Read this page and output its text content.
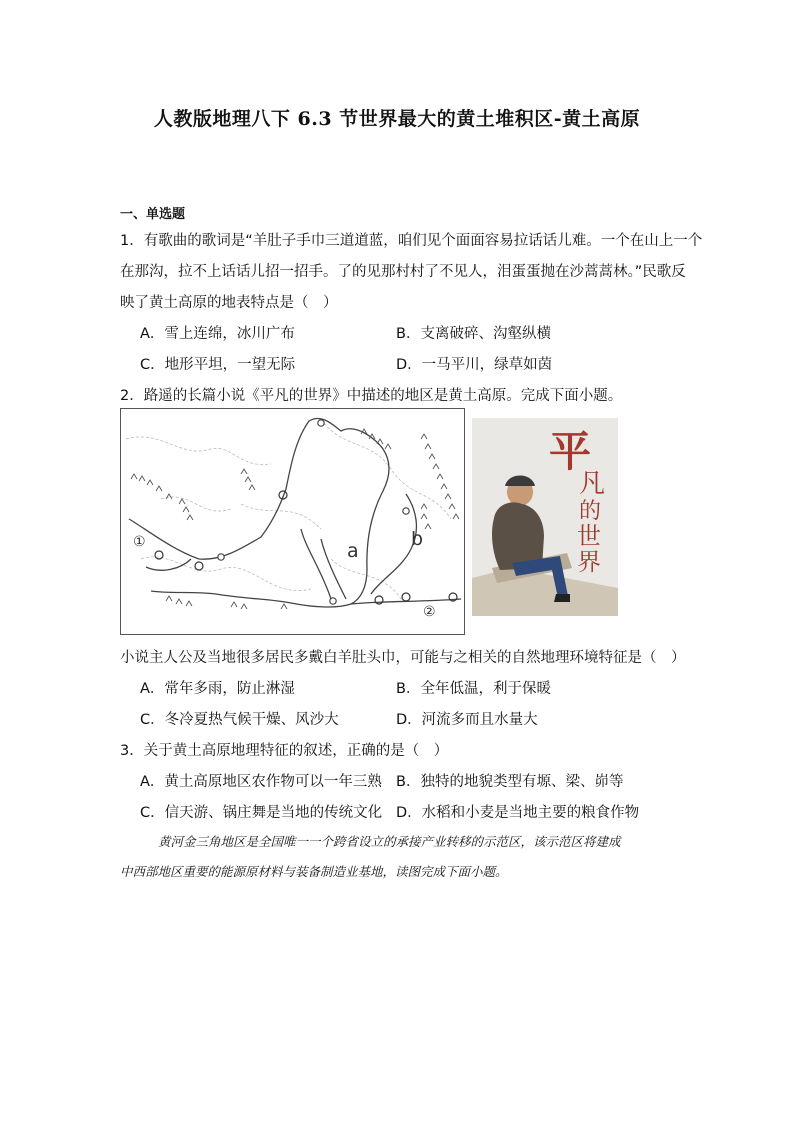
人教版地理八下 6.3 节世界最大的黄土堆积区-黄土高原
一、单选题
1．有歌曲的歌词是“羊肚子手巾三道道蓝，咱们见个面面容易拉话话儿难。一个在山上一个
在那沟，拉不上话话儿招一招手。了的见那村村了不见人，泪蛋蛋抛在沙蒿蒿林。”民歌反
映了黄土高原的地表特点是（　）
A．雪上连绵，冰川广布	B．支离破碎、沟壑纵横
C．地形平坦，一望无际	D．一马平川，绿草如茵
2．路遥的长篇小说《平凡的世界》中描述的地区是黄土高原。完成下面小题。
①	a
b
②
平
凡
的
世
界
小说主人公及当地很多居民多戴白羊肚头巾，可能与之相关的自然地理环境特征是（　）
A．常年多雨，防止淋湿	B．全年低温，利于保暖
C．冬冷夏热气候干燥、风沙大	D．河流多而且水量大
3．关于黄土高原地理特征的叙述，正确的是（　）
A．黄土高原地区农作物可以一年三熟 B．独特的地貌类型有塬、梁、峁等
C．信天游、锅庄舞是当地的传统文化 D．水稻和小麦是当地主要的粮食作物
黄河金三角地区是全国唯一一个跨省设立的承接产业转移的示范区，该示范区将建成
中西部地区重要的能源原材料与装备制造业基地，读图完成下面小题。
